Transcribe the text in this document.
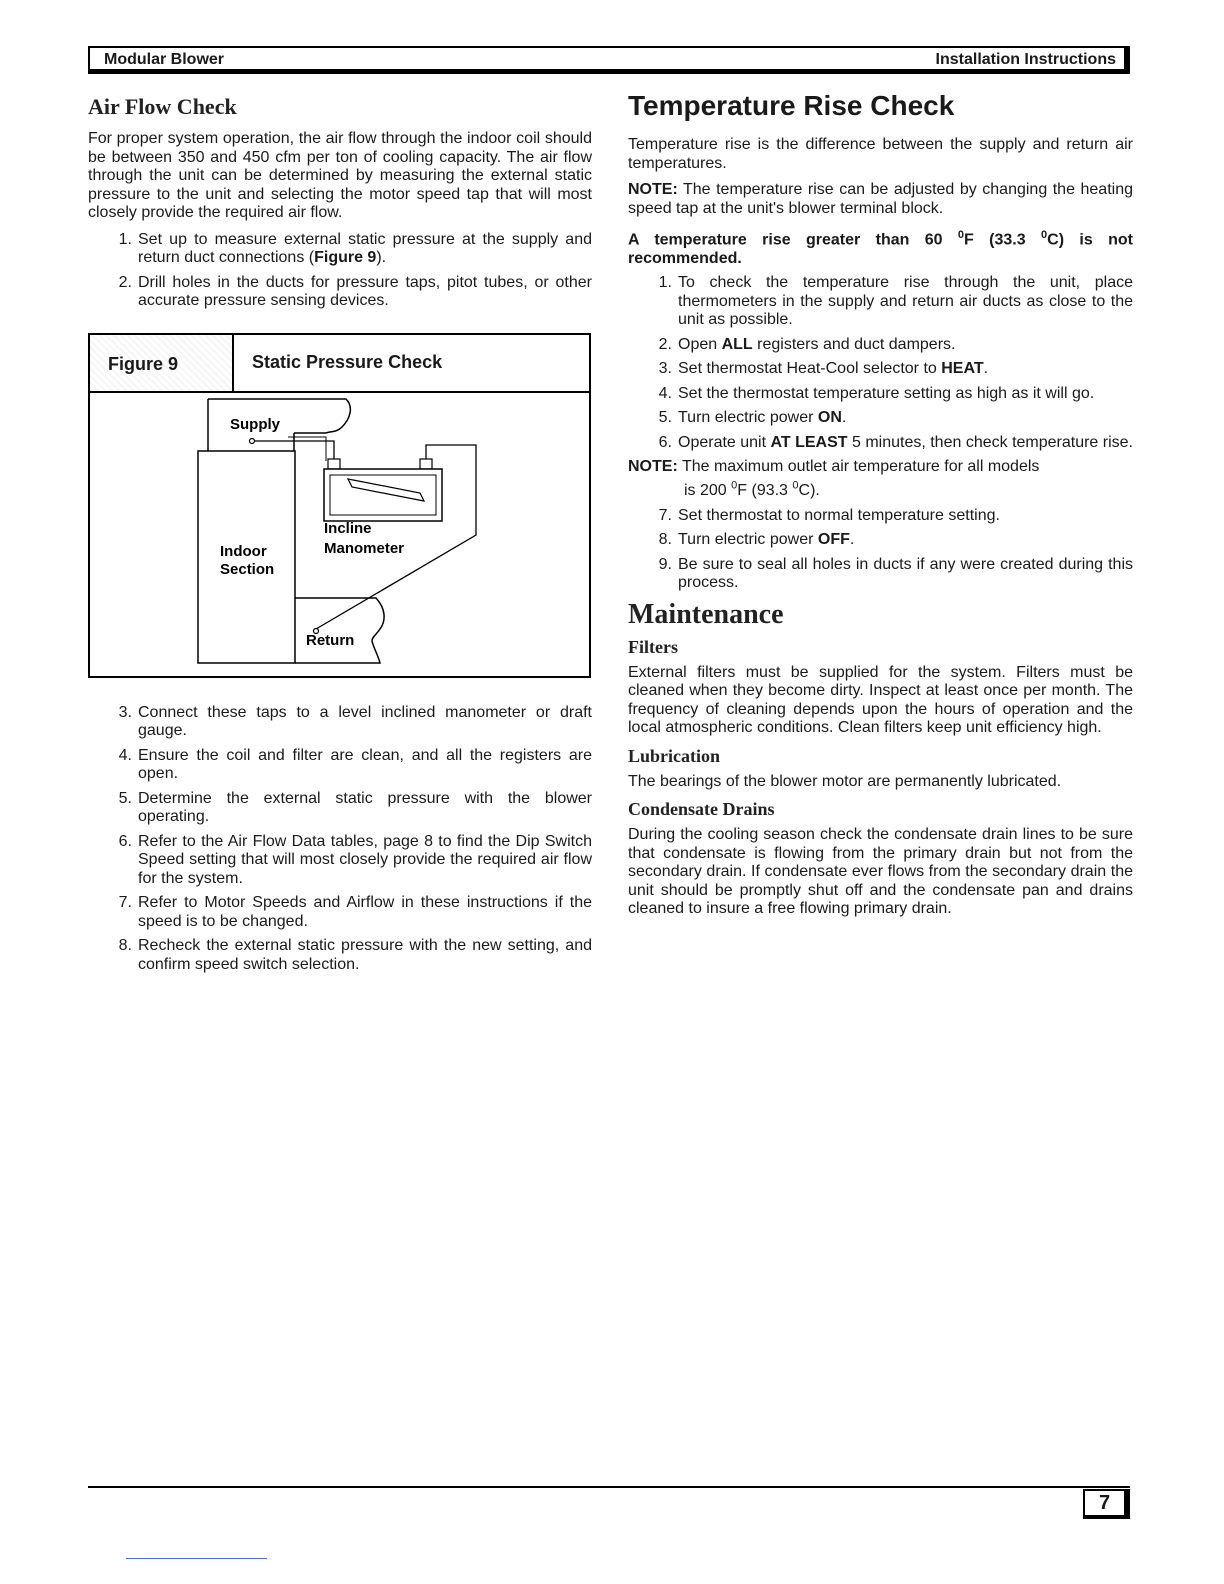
Modular Blower	Installation Instructions
Air Flow Check

For proper system operation, the air flow through the indoor coil should be between 350 and 450 cfm per ton of cooling capacity. The air flow through the unit can be determined by measuring the external static pressure to the unit and selecting the motor speed tap that will most closely provide the required air flow.

1. Set up to measure external static pressure at the supply and return duct connections (Figure 9).
2. Drill holes in the ducts for pressure taps, pitot tubes, or other accurate pressure sensing devices.
Figure 9	Static Pressure Check
Supply
Incline
Manometer
Indoor
Section
Return
3. Connect these taps to a level inclined manometer or draft gauge.
4. Ensure the coil and filter are clean, and all the registers are open.
5. Determine the external static pressure with the blower operating.
6. Refer to the Air Flow Data tables, page 8 to find the Dip Switch Speed setting that will most closely provide the required air flow for the system.
7. Refer to Motor Speeds and Airflow in these instructions if the speed is to be changed.
8. Recheck the external static pressure with the new setting, and confirm speed switch selection.
Temperature Rise Check

Temperature rise is the difference between the supply and return air temperatures.

NOTE: The temperature rise can be adjusted by changing the heating speed tap at the unit's blower terminal block.

A temperature rise greater than 60 $^0$F (33.3 $^0$C) is not recommended.

1. To check the temperature rise through the unit, place thermometers in the supply and return air ducts as close to the unit as possible.
2. Open ALL registers and duct dampers.
3. Set thermostat Heat-Cool selector to HEAT.
4. Set the thermostat temperature setting as high as it will go.
5. Turn electric power ON.
6. Operate unit AT LEAST 5 minutes, then check temperature rise.

NOTE: The maximum outlet air temperature for all models
is 200 $^0$F (93.3 $^0$C).

7. Set thermostat to normal temperature setting.
8. Turn electric power OFF.
9. Be sure to seal all holes in ducts if any were created during this process.
Maintenance
Filters

External filters must be supplied for the system. Filters must be cleaned when they become dirty. Inspect at least once per month. The frequency of cleaning depends upon the hours of operation and the local atmospheric conditions. Clean filters keep unit efficiency high.

Lubrication

The bearings of the blower motor are permanently lubricated.

Condensate Drains

During the cooling season check the condensate drain lines to be sure that condensate is flowing from the primary drain but not from the secondary drain. If condensate ever flows from the secondary drain the unit should be promptly shut off and the condensate pan and drains cleaned to insure a free flowing primary drain.

7
